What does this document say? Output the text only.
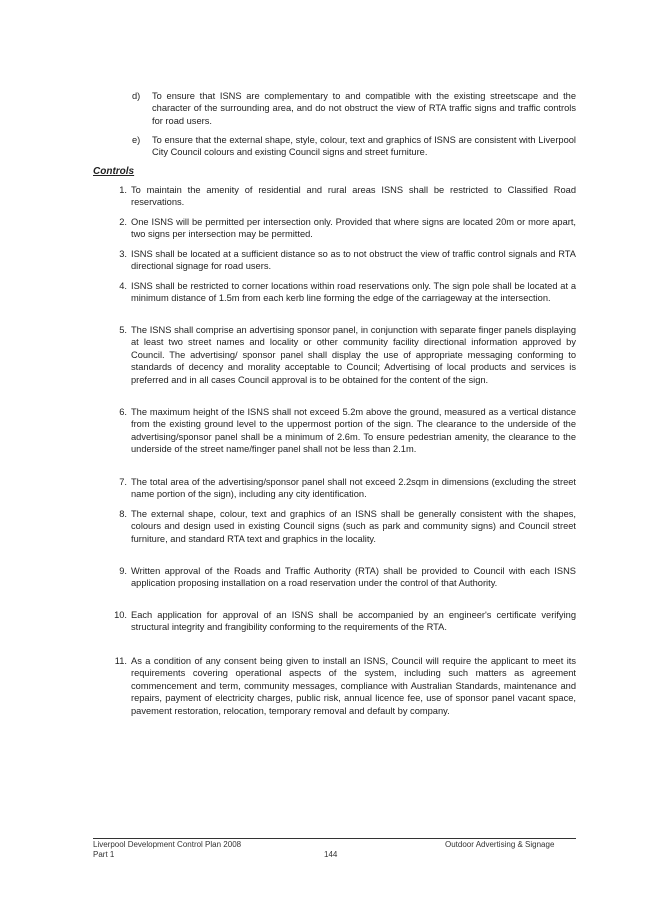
d)	To ensure that ISNS are complementary to and compatible with the existing streetscape and the character of the surrounding area, and do not obstruct the view of RTA traffic signs and traffic controls for road users.
e)	To ensure that the external shape, style, colour, text and graphics of ISNS are consistent with Liverpool City Council colours and existing Council signs and street furniture.
Controls
1. To maintain the amenity of residential and rural areas ISNS shall be restricted to Classified Road reservations.
2. One ISNS will be permitted per intersection only. Provided that where signs are located 20m or more apart, two signs per intersection may be permitted.
3. ISNS shall be located at a sufficient distance so as to not obstruct the view of traffic control signals and RTA directional signage for road users.
4. ISNS shall be restricted to corner locations within road reservations only. The sign pole shall be located at a minimum distance of 1.5m from each kerb line forming the edge of the carriageway at the intersection.
5. The ISNS shall comprise an advertising sponsor panel, in conjunction with separate finger panels displaying at least two street names and locality or other community facility directional information approved by Council. The advertising/ sponsor panel shall display the use of appropriate messaging conforming to standards of decency and morality acceptable to Council; Advertising of local products and services is preferred and in all cases Council approval is to be obtained for the content of the sign.
6. The maximum height of the ISNS shall not exceed 5.2m above the ground, measured as a vertical distance from the existing ground level to the uppermost portion of the sign. The clearance to the underside of the advertising/sponsor panel shall be a minimum of 2.6m. To ensure pedestrian amenity, the clearance to the underside of the street name/finger panel shall not be less than 2.1m.
7. The total area of the advertising/sponsor panel shall not exceed 2.2sqm in dimensions (excluding the street name portion of the sign), including any city identification.
8. The external shape, colour, text and graphics of an ISNS shall be generally consistent with the shapes, colours and design used in existing Council signs (such as park and community signs) and Council street furniture, and standard RTA text and graphics in the locality.
9. Written approval of the Roads and Traffic Authority (RTA) shall be provided to Council with each ISNS application proposing installation on a road reservation under the control of that Authority.
10. Each application for approval of an ISNS shall be accompanied by an engineer's certificate verifying structural integrity and frangibility conforming to the requirements of the RTA.
11. As a condition of any consent being given to install an ISNS, Council will require the applicant to meet its requirements covering operational aspects of the system, including such matters as agreement commencement and term, community messages, compliance with Australian Standards, maintenance and repairs, payment of electricity charges, public risk, annual licence fee, use of sponsor panel vacant space, pavement restoration, relocation, temporary removal and default by company.
Liverpool Development Control Plan 2008
Part 1	144
Outdoor Advertising & Signage
